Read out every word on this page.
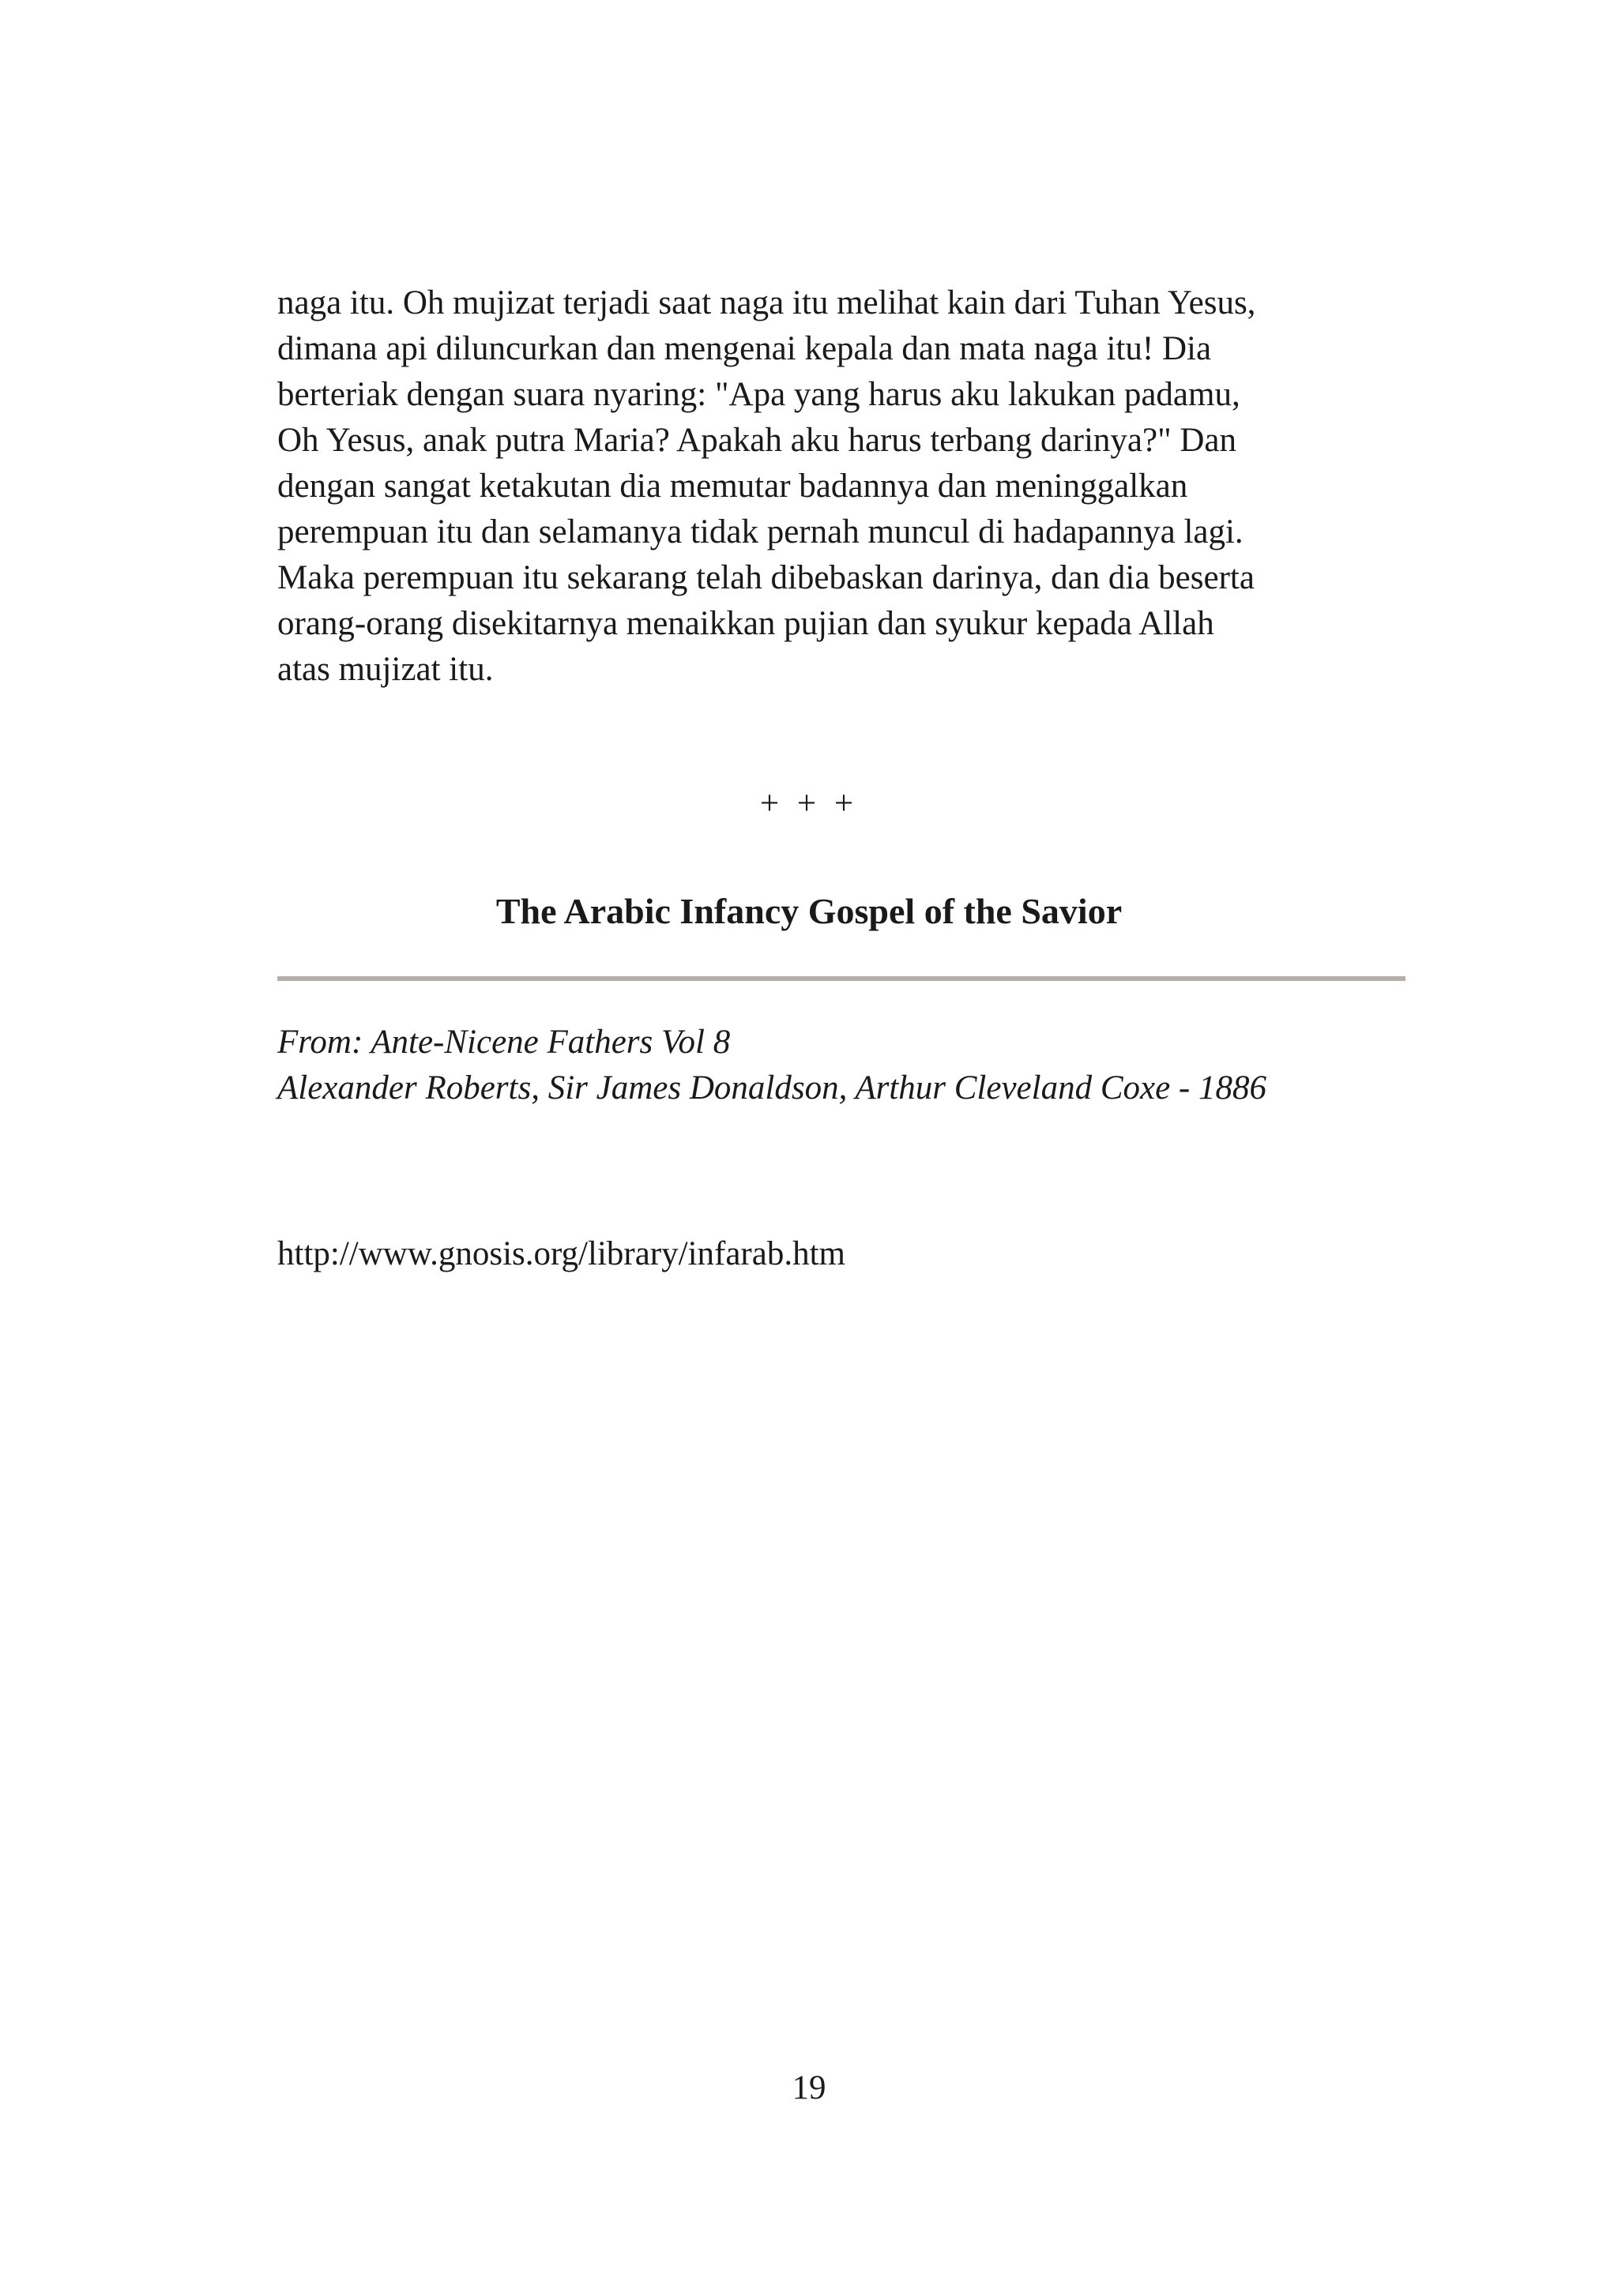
naga itu. Oh mujizat terjadi saat naga itu melihat kain dari Tuhan Yesus,
dimana api diluncurkan dan mengenai kepala dan mata naga itu! Dia
berteriak dengan suara nyaring: "Apa yang harus aku lakukan padamu,
Oh Yesus, anak putra Maria? Apakah aku harus terbang darinya?" Dan
dengan sangat ketakutan dia memutar badannya dan meninggalkan
perempuan itu dan selamanya tidak pernah muncul di hadapannya lagi.
Maka perempuan itu sekarang telah dibebaskan darinya, dan dia beserta
orang-orang disekitarnya menaikkan pujian dan syukur kepada Allah
atas mujizat itu.
+ + +
The Arabic Infancy Gospel of the Savior
From: Ante-Nicene Fathers Vol 8
Alexander Roberts, Sir James Donaldson, Arthur Cleveland Coxe - 1886
http://www.gnosis.org/library/infarab.htm
19
